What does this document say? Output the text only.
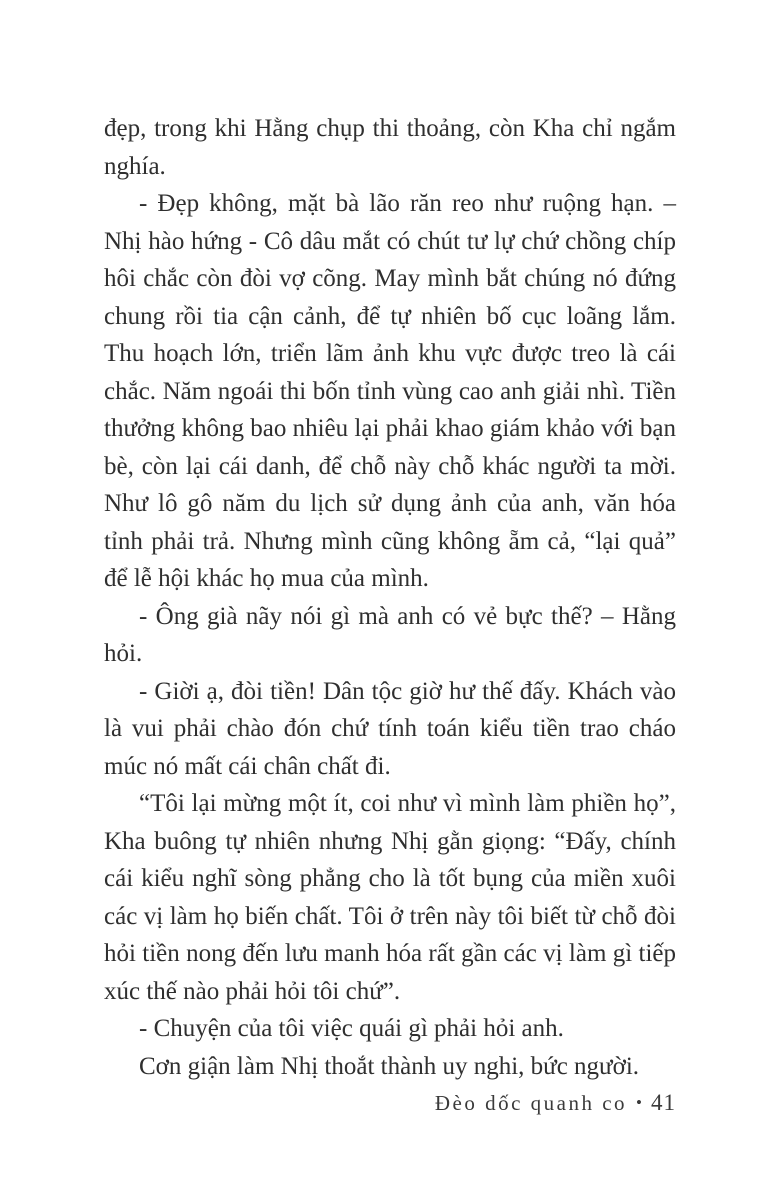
đẹp, trong khi Hằng chụp thi thoảng, còn Kha chỉ ngắm nghía.

- Đẹp không, mặt bà lão răn reo như ruộng hạn. – Nhị hào hứng - Cô dâu mắt có chút tư lự chứ chồng chíp hôi chắc còn đòi vợ cõng. May mình bắt chúng nó đứng chung rồi tia cận cảnh, để tự nhiên bố cục loãng lắm. Thu hoạch lớn, triển lãm ảnh khu vực được treo là cái chắc. Năm ngoái thi bốn tỉnh vùng cao anh giải nhì. Tiền thưởng không bao nhiêu lại phải khao giám khảo với bạn bè, còn lại cái danh, để chỗ này chỗ khác người ta mời. Như lô gô năm du lịch sử dụng ảnh của anh, văn hóa tỉnh phải trả. Nhưng mình cũng không ẵm cả, “lại quả” để lễ hội khác họ mua của mình.

- Ông già nãy nói gì mà anh có vẻ bực thế? – Hằng hỏi.

- Giời ạ, đòi tiền! Dân tộc giờ hư thế đấy. Khách vào là vui phải chào đón chứ tính toán kiểu tiền trao cháo múc nó mất cái chân chất đi.

“Tôi lại mừng một ít, coi như vì mình làm phiền họ”, Kha buông tự nhiên nhưng Nhị gằn giọng: “Đấy, chính cái kiểu nghĩ sòng phẳng cho là tốt bụng của miền xuôi các vị làm họ biến chất. Tôi ở trên này tôi biết từ chỗ đòi hỏi tiền nong đến lưu manh hóa rất gần các vị làm gì tiếp xúc thế nào phải hỏi tôi chứ”.

- Chuyện của tôi việc quái gì phải hỏi anh.

Cơn giận làm Nhị thoắt thành uy nghi, bức người.

Đèo dốc quanh co • 41
